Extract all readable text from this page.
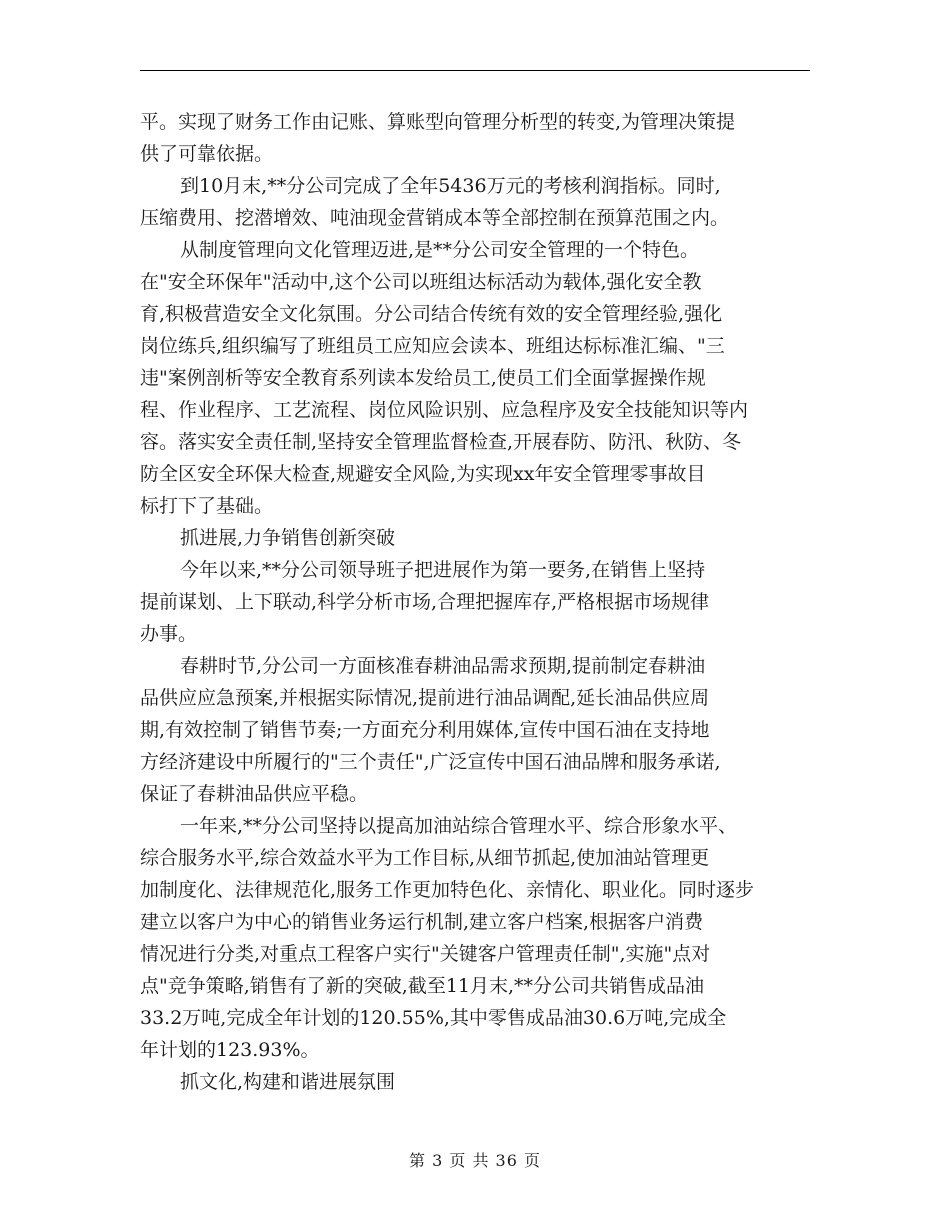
平。实现了财务工作由记账、算账型向管理分析型的转变,为管理决策提
供了可靠依据。
到10月末,**分公司完成了全年5436万元的考核利润指标。同时,
压缩费用、挖潜增效、吨油现金营销成本等全部控制在预算范围之内。
从制度管理向文化管理迈进,是**分公司安全管理的一个特色。
在"安全环保年"活动中,这个公司以班组达标活动为载体,强化安全教
育,积极营造安全文化氛围。分公司结合传统有效的安全管理经验,强化
岗位练兵,组织编写了班组员工应知应会读本、班组达标标准汇编、"三
违"案例剖析等安全教育系列读本发给员工,使员工们全面掌握操作规
程、作业程序、工艺流程、岗位风险识别、应急程序及安全技能知识等内
容。落实安全责任制,坚持安全管理监督检查,开展春防、防汛、秋防、冬
防全区安全环保大检查,规避安全风险,为实现xx年安全管理零事故目
标打下了基础。
抓进展,力争销售创新突破
今年以来,**分公司领导班子把进展作为第一要务,在销售上坚持
提前谋划、上下联动,科学分析市场,合理把握库存,严格根据市场规律
办事。
春耕时节,分公司一方面核准春耕油品需求预期,提前制定春耕油
品供应应急预案,并根据实际情况,提前进行油品调配,延长油品供应周
期,有效控制了销售节奏;一方面充分利用媒体,宣传中国石油在支持地
方经济建设中所履行的"三个责任",广泛宣传中国石油品牌和服务承诺,
保证了春耕油品供应平稳。
一年来,**分公司坚持以提高加油站综合管理水平、综合形象水平、
综合服务水平,综合效益水平为工作目标,从细节抓起,使加油站管理更
加制度化、法律规范化,服务工作更加特色化、亲情化、职业化。同时逐步
建立以客户为中心的销售业务运行机制,建立客户档案,根据客户消费
情况进行分类,对重点工程客户实行"关键客户管理责任制",实施"点对
点"竞争策略,销售有了新的突破,截至11月末,**分公司共销售成品油
33.2万吨,完成全年计划的120.55%,其中零售成品油30.6万吨,完成全
年计划的123.93%。
抓文化,构建和谐进展氛围
第 3 页 共 36 页
